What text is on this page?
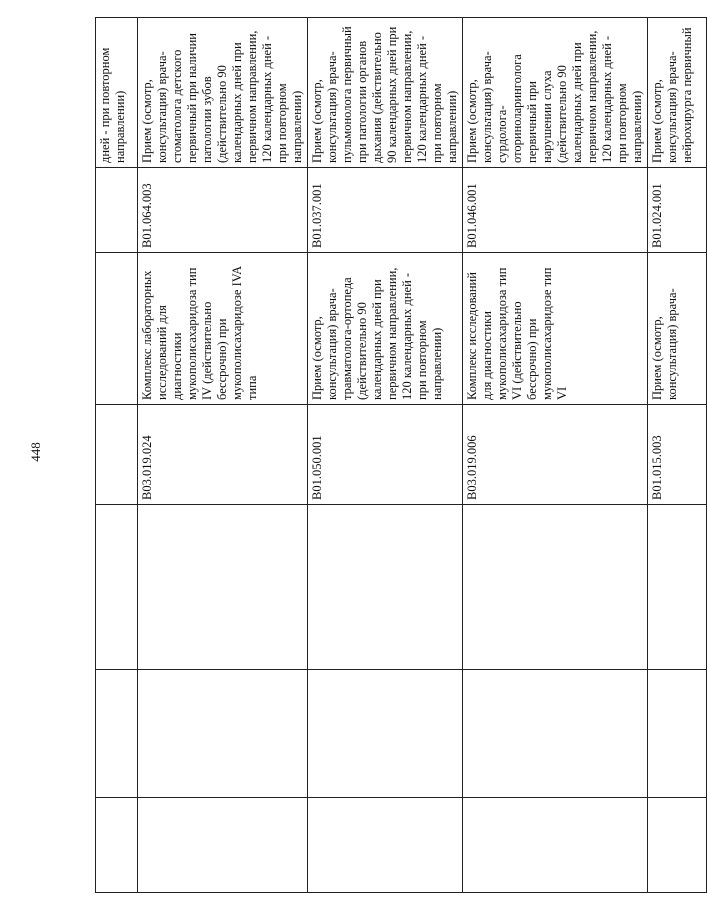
448
						дней - при повторном направлении)
			B03.019.024	Комплекс лабораторных исследований для диагностики мукополисахаридоза тип IV (действительно бессрочно) при мукополисахаридозе IVA типа	B01.064.003	Прием (осмотр, консультация) врача-стоматолога детского первичный при наличии патологии зубов (действительно 90 календарных дней при первичном направлении, 120 календарных дней - при повторном направлении)
			B01.050.001	Прием (осмотр, консультация) врача-травматолога-ортопеда (действительно 90 календарных дней при первичном направлении, 120 календарных дней - при повторном направлении)	B01.037.001	Прием (осмотр, консультация) врача-пульмонолога первичный при патологии органов дыхания (действительно 90 календарных дней при первичном направлении, 120 календарных дней - при повторном направлении)
			B03.019.006	Комплекс исследований для диагностики мукополисахаридоза тип VI (действительно бессрочно) при мукополисахаридозе тип VI	B01.046.001	Прием (осмотр, консультация) врача-сурдолога-оториноларинголога первичный при нарушении слуха (действительно 90 календарных дней при первичном направлении, 120 календарных дней - при повторном направлении)
			B01.015.003	Прием (осмотр, консультация) врача-	B01.024.001	Прием (осмотр, консультация) врача-нейрохирурга первичный
